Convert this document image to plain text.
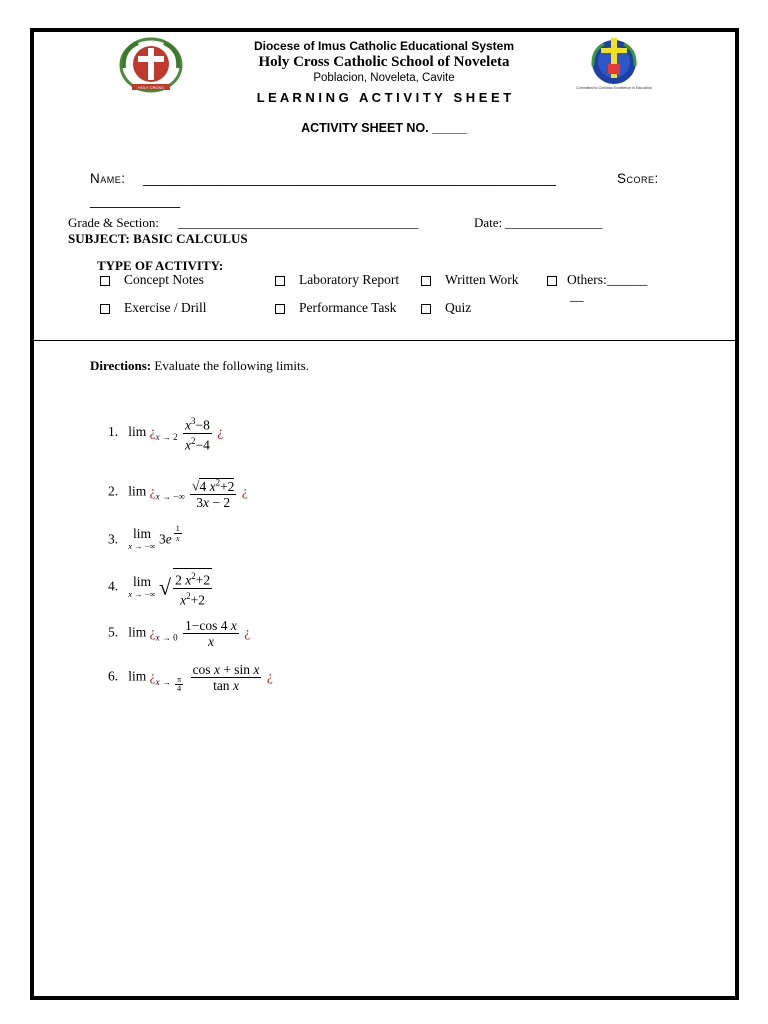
HOLY CROSS	Committed to Christian Excellence in Education
Diocese of Imus Catholic Educational System
Holy Cross Catholic School of Noveleta
Poblacion, Noveleta, Cavite
L E A R N I N G   A C T I V I T Y   S H E E T
ACTIVITY SHEET NO. _____
Name: _______________________________________________________	Score:
____________
Grade & Section: _____________________________________	Date: _______________
SUBJECT: BASIC CALCULUS
TYPE OF ACTIVITY:
Concept Notes	Laboratory Report	Written Work	Others:______
__
Exercise / Drill	Performance Task	Quiz
Directions: Evaluate the following limits.
1. $\lim ¿_{x \to 2} \frac{x^3-8}{x^2-4}$ ¿
2. $\lim ¿_{x \to -\infty} \frac{√4 x^2+2}{3x - 2}$ ¿
3. lim
x → −∞ 3e $^{\frac{1}{x}}$
4. lim
x → −∞ √ $\frac{2 x^2+2}{x^2+2}$
5. $\lim ¿_{x \to 0} \frac{1-\cos 4 x}{x}$ ¿
6. $\lim ¿_{x \to \frac{\pi}{4}}$
$\frac{\text{cos x + sin x}}{\text{tan x}}$ ¿
